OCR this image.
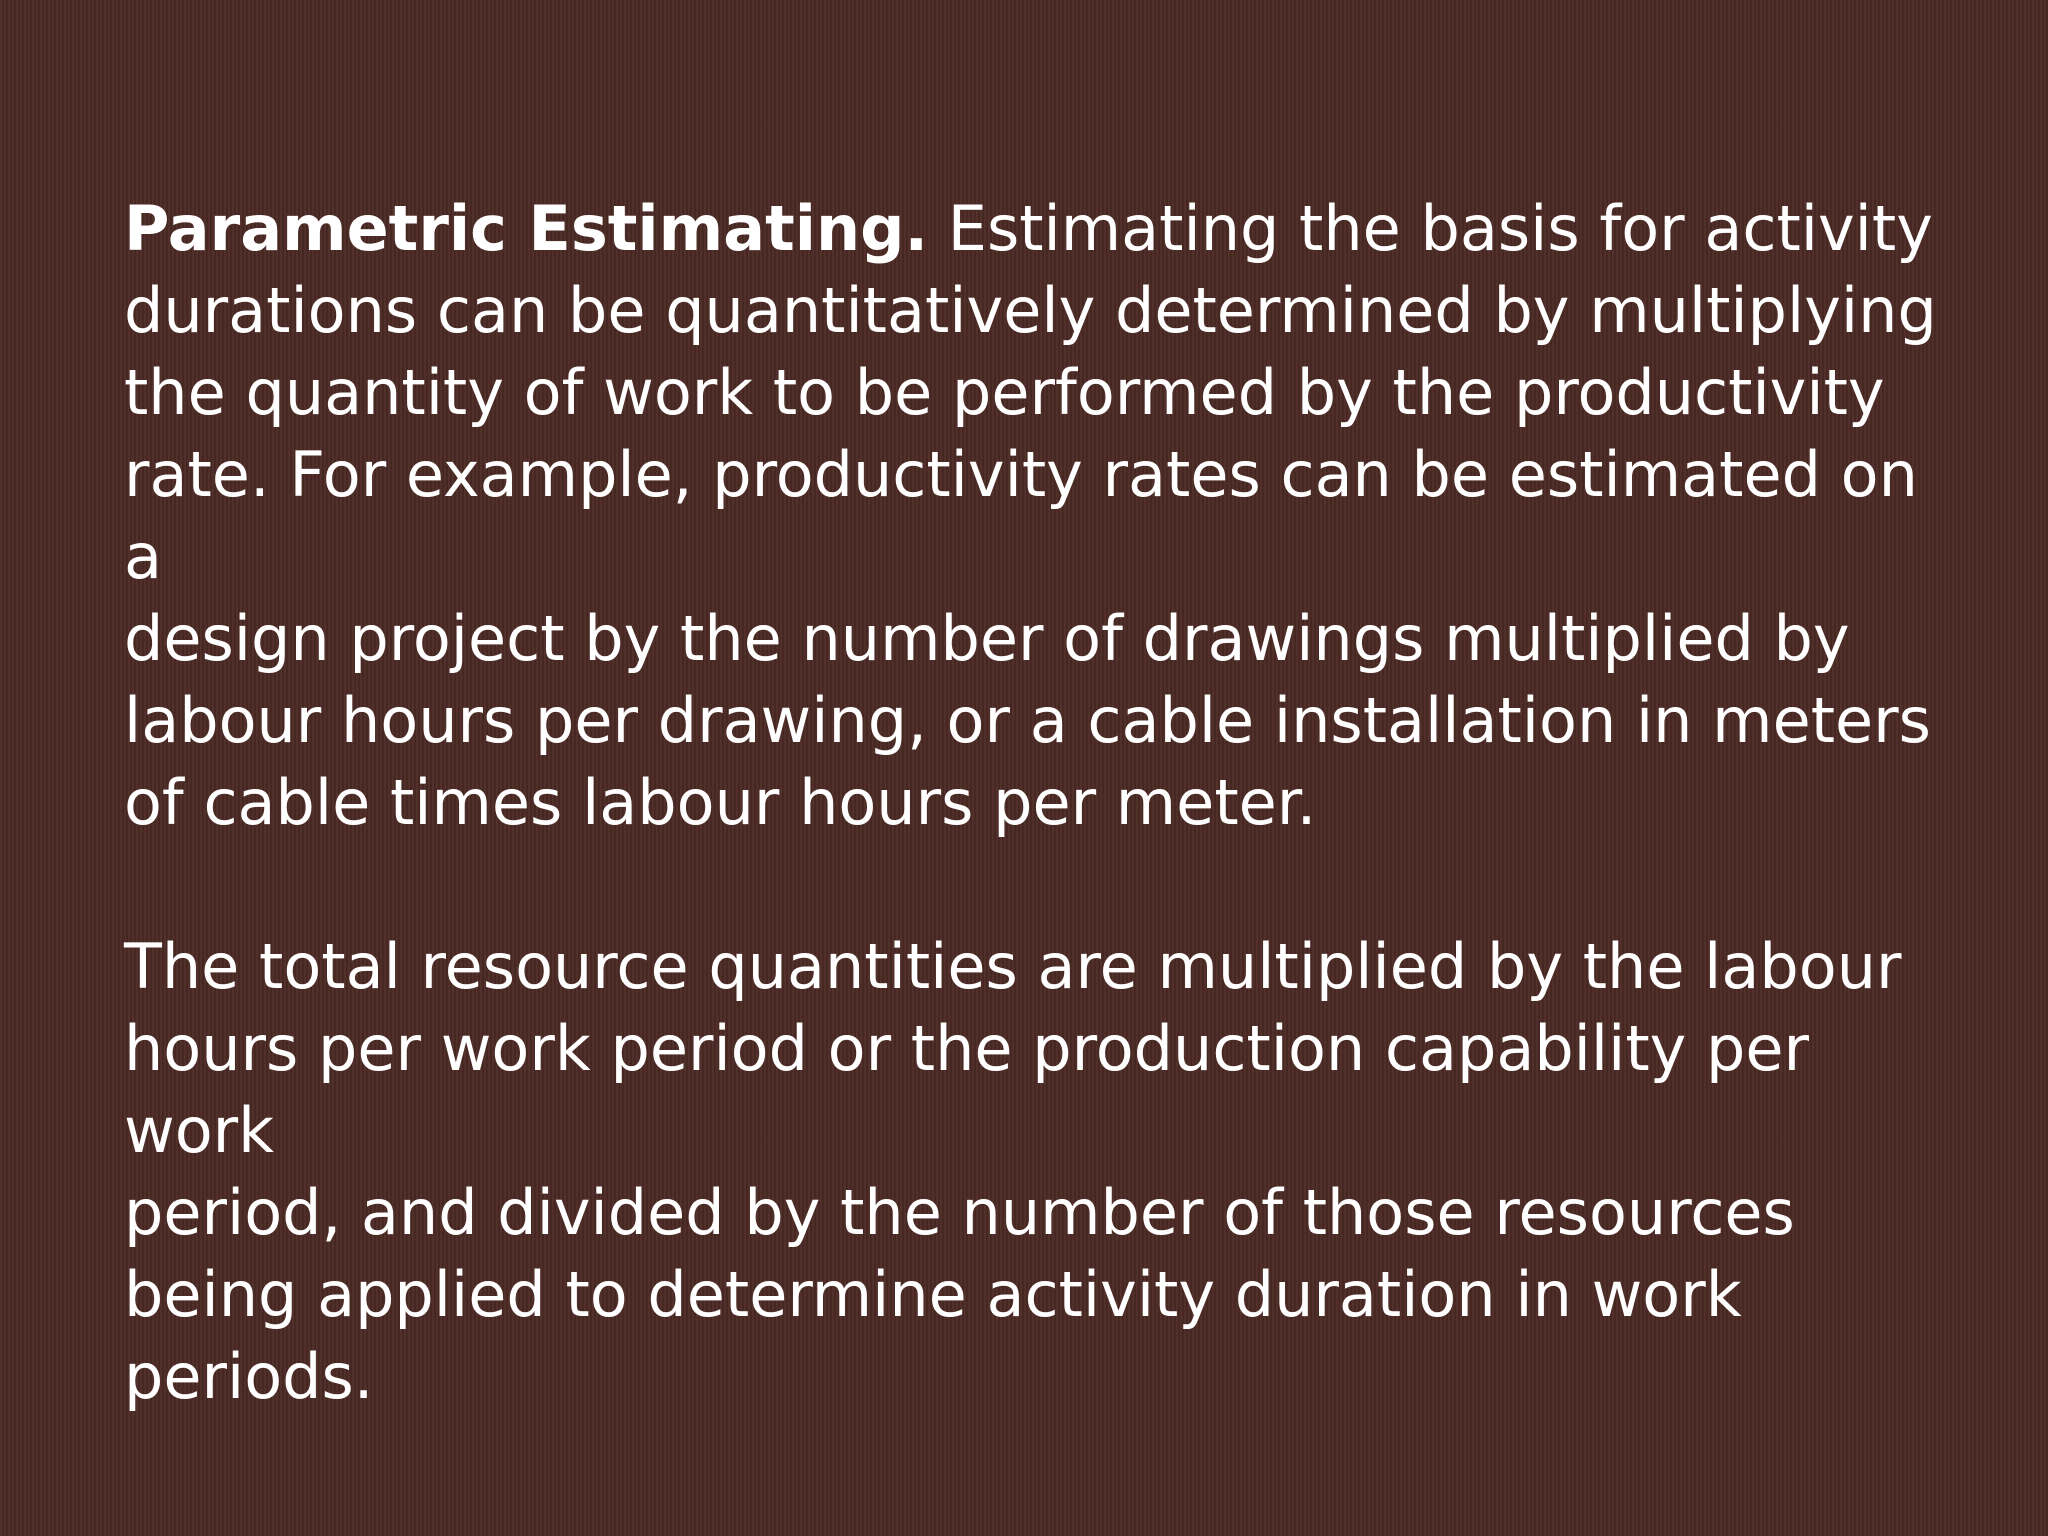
Parametric Estimating. Estimating the basis for activity
durations can be quantitatively determined by multiplying
the quantity of work to be performed by the productivity
rate. For example, productivity rates can be estimated on a
design project by the number of drawings multiplied by
labour hours per drawing, or a cable installation in meters
of cable times labour hours per meter.

The total resource quantities are multiplied by the labour
hours per work period or the production capability per work
period, and divided by the number of those resources
being applied to determine activity duration in work
periods.
